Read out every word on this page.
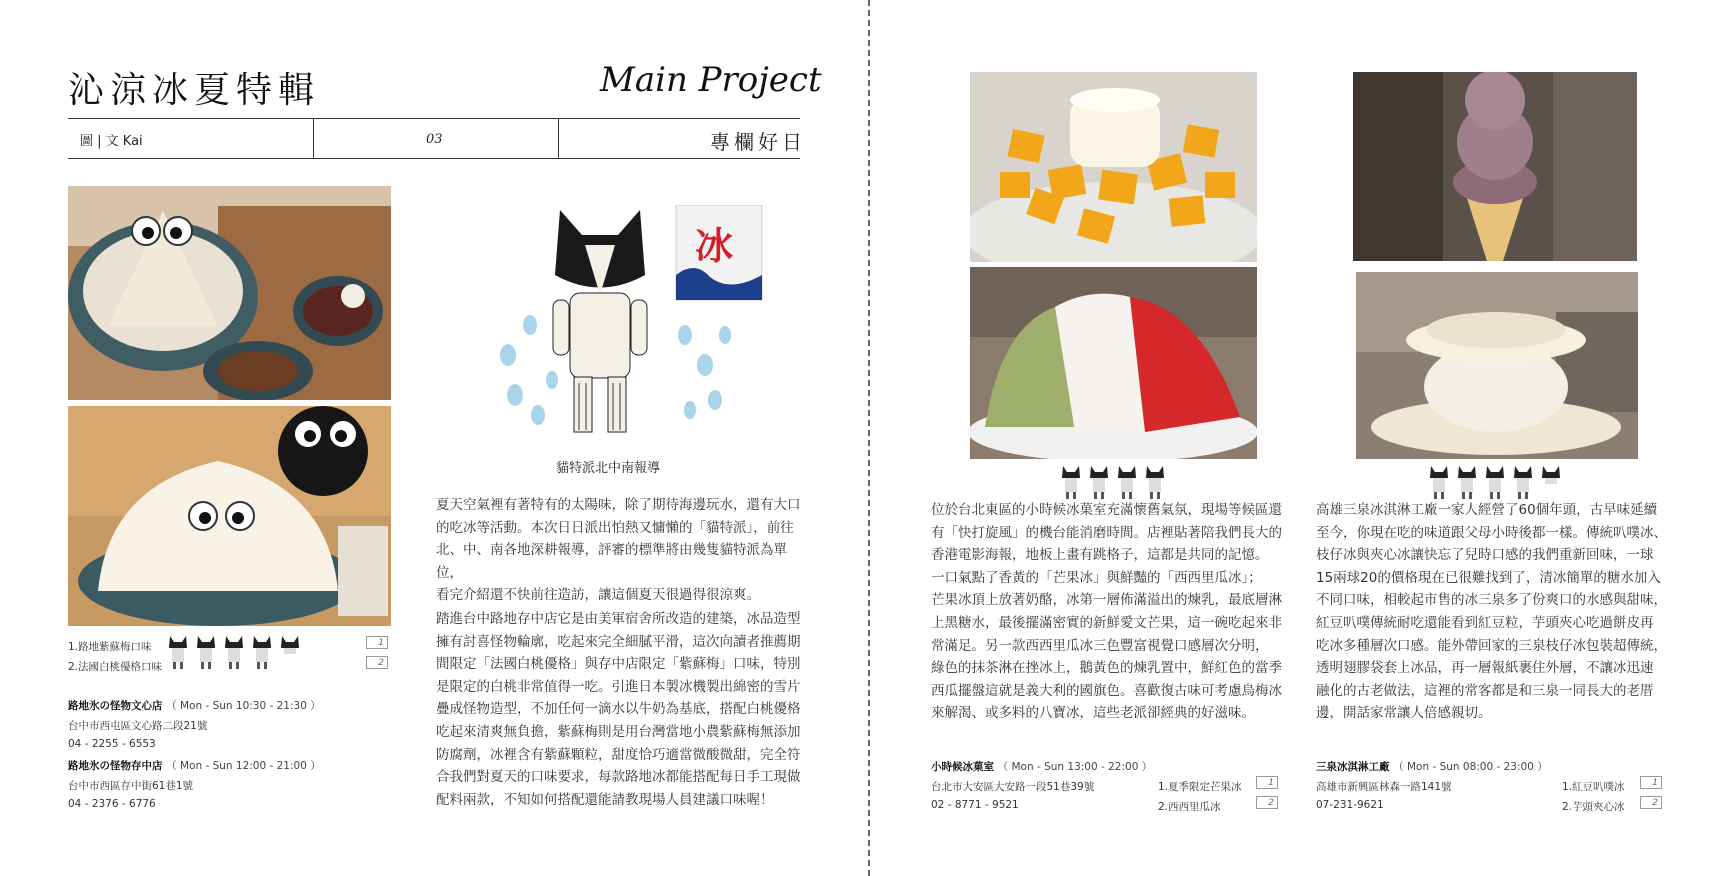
沁涼冰夏特輯	Main Project
圖 | 文 Kai	03	專欄好日
1.路地紫蘇梅口味
2.法國白桃優格口味
1
2
路地氷の怪物文心店 （ Mon - Sun 10:30 - 21:30 ）
台中市西屯區文心路二段21號
04 - 2255 - 6553
路地氷の怪物存中店 （ Mon - Sun 12:00 - 21:00 ）
台中市西區存中街61巷1號
04 - 2376 - 6776
冰
貓特派北中南報導
夏天空氣裡有著特有的太陽味，除了期待海邊玩水，還有大口
的吃冰等活動。本次日日派出怕熱又慵懶的「貓特派」，前往
北、中、南各地深耕報導，評審的標準將由幾隻貓特派為單位，
看完介紹還不快前往造訪，讓這個夏天很過得很涼爽。
踏進台中路地存中店它是由美軍宿舍所改造的建築，冰品造型
擁有討喜怪物輪廓，吃起來完全細膩平滑，這次向讀者推薦期
間限定「法國白桃優格」與存中店限定「紫蘇梅」口味，特別
是限定的白桃非常值得一吃。引進日本製冰機製出綿密的雪片
疊成怪物造型，不加任何一滴水以牛奶為基底，搭配白桃優格
吃起來清爽無負擔，紫蘇梅則是用台灣當地小農紫蘇梅無添加
防腐劑，冰裡含有紫蘇顆粒，甜度恰巧適當微酸微甜，完全符
合我們對夏天的口味要求，每款路地冰都能搭配每日手工現做
配料兩款，不知如何搭配還能請教現場人員建議口味喔！
位於台北東區的小時候冰菓室充滿懷舊氣氛，現場等候區還
有「快打旋風」的機台能消磨時間。店裡貼著陪我們長大的
香港電影海報，地板上畫有跳格子，這都是共同的記憶。
一口氣點了香黃的「芒果冰」與鮮豔的「西西里瓜冰」；
芒果冰頂上放著奶酪，冰第一層佈滿溢出的煉乳，最底層淋
上黑糖水，最後擺滿密實的新鮮愛文芒果，這一碗吃起來非
常滿足。另一款西西里瓜冰三色豐富視覺口感層次分明，
綠色的抹茶淋在挫冰上，鵝黃色的煉乳置中，鮮紅色的當季
西瓜擺盤這就是義大利的國旗色。喜歡復古味可考慮烏梅冰
來解渴、或多料的八寶冰，這些老派卻經典的好滋味。
小時候冰菓室 （ Mon - Sun 13:00 - 22:00 ）
台北市大安區大安路一段51巷39號
02 - 8771 - 9521
1.夏季限定芒果冰
2.西西里瓜冰
1
2
高雄三泉冰淇淋工廠一家人經營了60個年頭，古早味延續
至今，你現在吃的味道跟父母小時後都一樣。傳統叭噗冰、
枝仔冰與夾心冰讓快忘了兒時口感的我們重新回味，一球
15兩球20的價格現在已很難找到了，清冰簡單的糖水加入
不同口味，相較起市售的冰三泉多了份爽口的水感與甜味，
紅豆叭噗傳統耐吃還能看到紅豆粒，芋頭夾心吃過餅皮再
吃冰多種層次口感。能外帶回家的三泉枝仔冰包裝超傳統，
透明翅膠袋套上冰品，再一層報紙裹住外層，不讓冰迅速
融化的古老做法，這裡的常客都是和三泉一同長大的老厝
邊，開話家常讓人倍感親切。
三泉冰淇淋工廠 （ Mon - Sun 08:00 - 23:00 ）
高雄市新興區林森一路141號
07-231-9621
1.紅豆叭噗冰
2.芋頭夾心冰
1
2
